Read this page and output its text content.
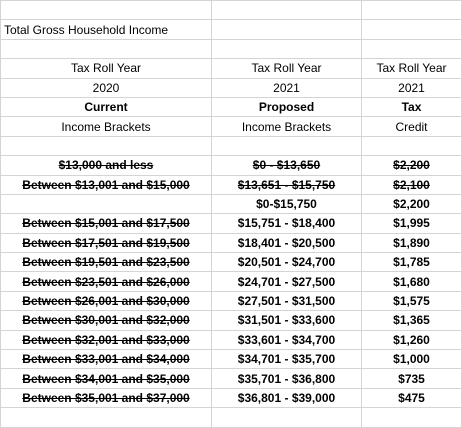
Total Gross Household Income		

Tax Roll Year	Tax Roll Year	Tax Roll Year
2020	2021	2021
Current	Proposed	Tax
Income Brackets	Income Brackets	Credit

$13,000 and less	$0 - $13,650	$2,200
Between $13,001 and $15,000	$13,651 - $15,750	$2,100
	$0-$15,750	$2,200
Between $15,001 and $17,500	$15,751 - $18,400	$1,995
Between $17,501 and $19,500	$18,401 - $20,500	$1,890
Between $19,501 and $23,500	$20,501 - $24,700	$1,785
Between $23,501 and $26,000	$24,701 - $27,500	$1,680
Between $26,001 and $30,000	$27,501 - $31,500	$1,575
Between $30,001 and $32,000	$31,501 - $33,600	$1,365
Between $32,001 and $33,000	$33,601 - $34,700	$1,260
Between $33,001 and $34,000	$34,701 - $35,700	$1,000
Between $34,001 and $35,000	$35,701 - $36,800	$735
Between $35,001 and $37,000	$36,801 - $39,000	$475
